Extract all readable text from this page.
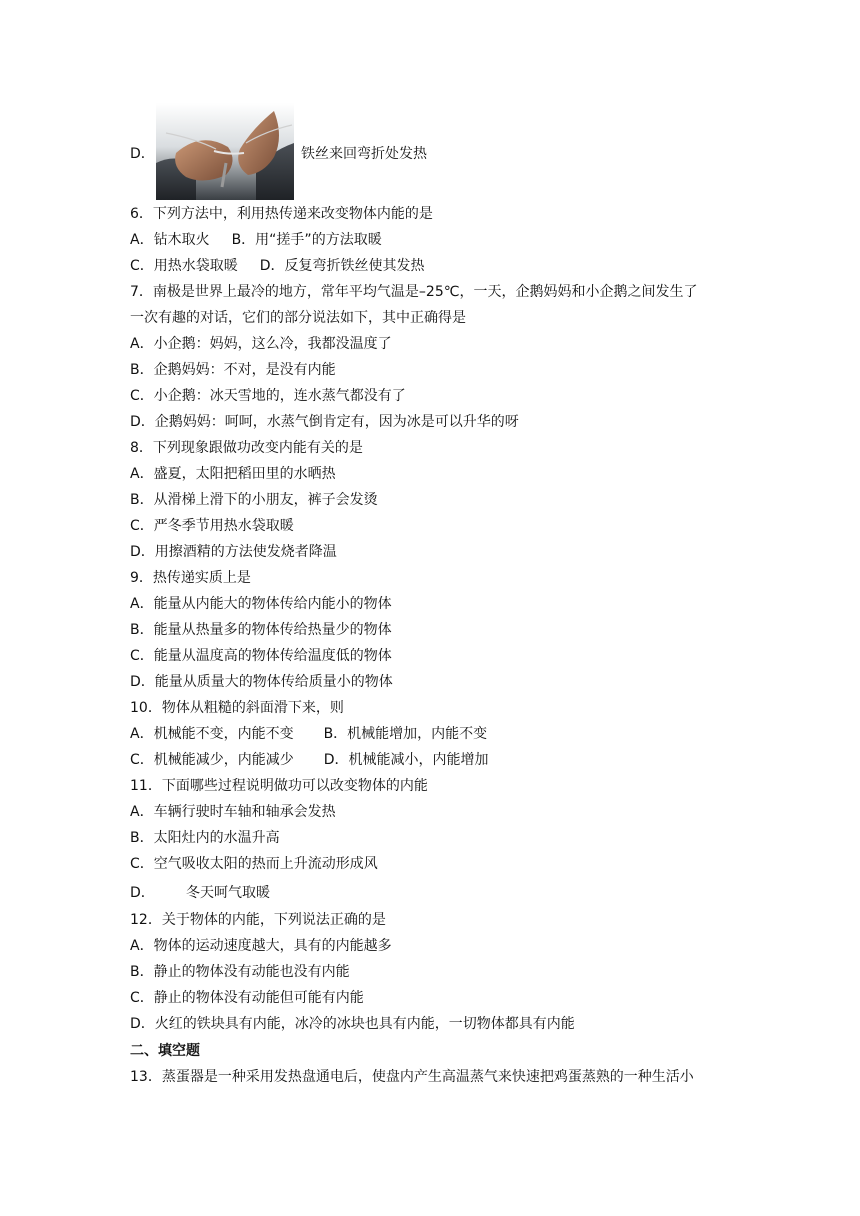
D．	铁丝来回弯折处发热
6．下列方法中，利用热传递来改变物体内能的是
A．钻木取火 B．用“搓手”的方法取暖
C．用热水袋取暖 D．反复弯折铁丝使其发热
7．南极是世界上最冷的地方，常年平均气温是–25℃，一天，企鹅妈妈和小企鹅之间发生了
一次有趣的对话，它们的部分说法如下，其中正确得是
A．小企鹅：妈妈，这么冷，我都没温度了
B．企鹅妈妈：不对，是没有内能
C．小企鹅：冰天雪地的，连水蒸气都没有了
D．企鹅妈妈：呵呵，水蒸气倒肯定有，因为冰是可以升华的呀
8．下列现象跟做功改变内能有关的是
A．盛夏，太阳把稻田里的水晒热
B．从滑梯上滑下的小朋友，裤子会发烫
C．严冬季节用热水袋取暖
D．用擦酒精的方法使发烧者降温
9．热传递实质上是
A．能量从内能大的物体传给内能小的物体
B．能量从热量多的物体传给热量少的物体
C．能量从温度高的物体传给温度低的物体
D．能量从质量大的物体传给质量小的物体
10．物体从粗糙的斜面滑下来，则
A．机械能不变，内能不变 B．机械能增加，内能不变
C．机械能减少，内能减少 D．机械能减小，内能增加
11．下面哪些过程说明做功可以改变物体的内能
A．车辆行驶时车轴和轴承会发热
B．太阳灶内的水温升高
C．空气吸收太阳的热而上升流动形成风
D． 冬天呵气取暖
12．关于物体的内能，下列说法正确的是
A．物体的运动速度越大，具有的内能越多
B．静止的物体没有动能也没有内能
C．静止的物体没有动能但可能有内能
D．火红的铁块具有内能，冰冷的冰块也具有内能，一切物体都具有内能
二、填空题
13．蒸蛋器是一种采用发热盘通电后，使盘内产生高温蒸气来快速把鸡蛋蒸熟的一种生活小
